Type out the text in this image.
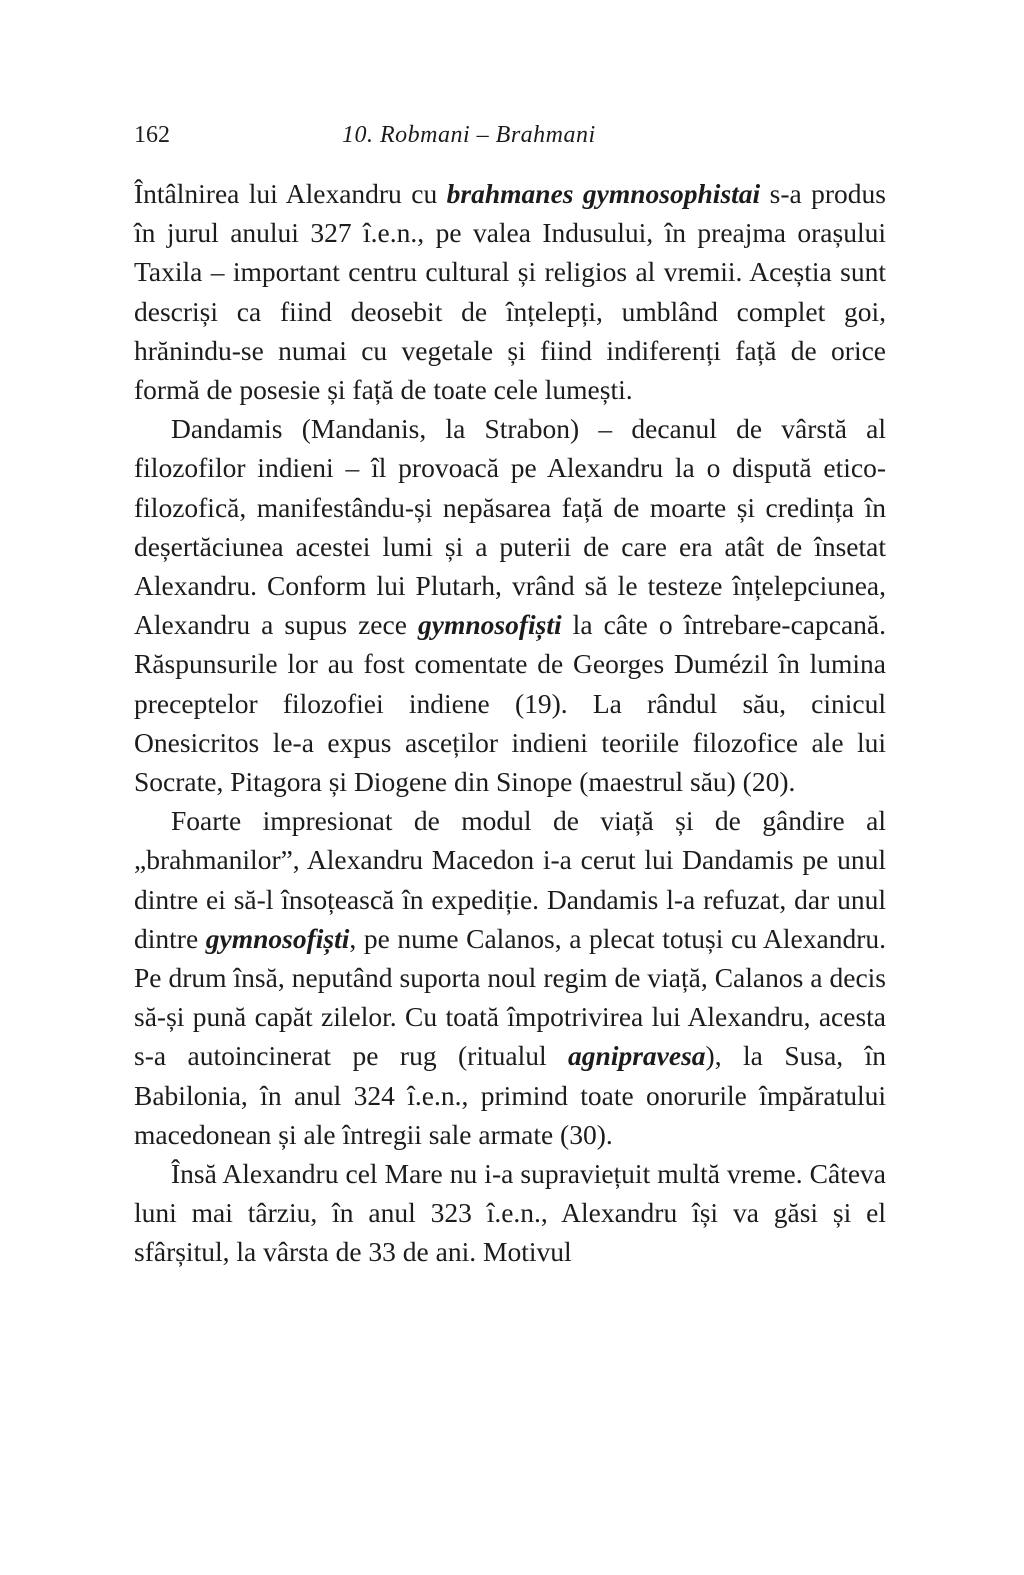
162	10. Robmani – Brahmani

Întâlnirea lui Alexandru cu brahmanes gymnosophistai s-a produs în jurul anului 327 î.e.n., pe valea Indusului, în preajma orașului Taxila – important centru cultural și religios al vremii. Aceștia sunt descriși ca fiind deosebit de înțelepți, umblând complet goi, hrănindu-se numai cu vegetale și fiind indiferenți față de orice formă de posesie și față de toate cele lumești.

Dandamis (Mandanis, la Strabon) – decanul de vârstă al filozofilor indieni – îl provoacă pe Alexandru la o dispută etico-filozofică, manifestându-și nepăsarea față de moarte și credința în deșertăciunea acestei lumi și a puterii de care era atât de însetat Alexandru. Conform lui Plutarh, vrând să le testeze înțelepciunea, Alexandru a supus zece gymnosofiști la câte o întrebare-capcană. Răspunsurile lor au fost comentate de Georges Dumézil în lumina preceptelor filozofiei indiene (19). La rândul său, cinicul Onesicritos le-a expus asceților indieni teoriile filozofice ale lui Socrate, Pitagora și Diogene din Sinope (maestrul său) (20).

Foarte impresionat de modul de viață și de gândire al „brahmanilor”, Alexandru Macedon i-a cerut lui Dandamis pe unul dintre ei să-l însoțească în expediție. Dandamis l-a refuzat, dar unul dintre gymnosofiști, pe nume Calanos, a plecat totuși cu Alexandru. Pe drum însă, neputând suporta noul regim de viață, Calanos a decis să-și pună capăt zilelor. Cu toată împotrivirea lui Alexandru, acesta s-a autoincinerat pe rug (ritualul agnipravesa), la Susa, în Babilonia, în anul 324 î.e.n., primind toate onorurile împăratului macedonean și ale întregii sale armate (30).

Însă Alexandru cel Mare nu i-a supraviețuit multă vreme. Câteva luni mai târziu, în anul 323 î.e.n., Alexandru își va găsi și el sfârșitul, la vârsta de 33 de ani. Motivul
